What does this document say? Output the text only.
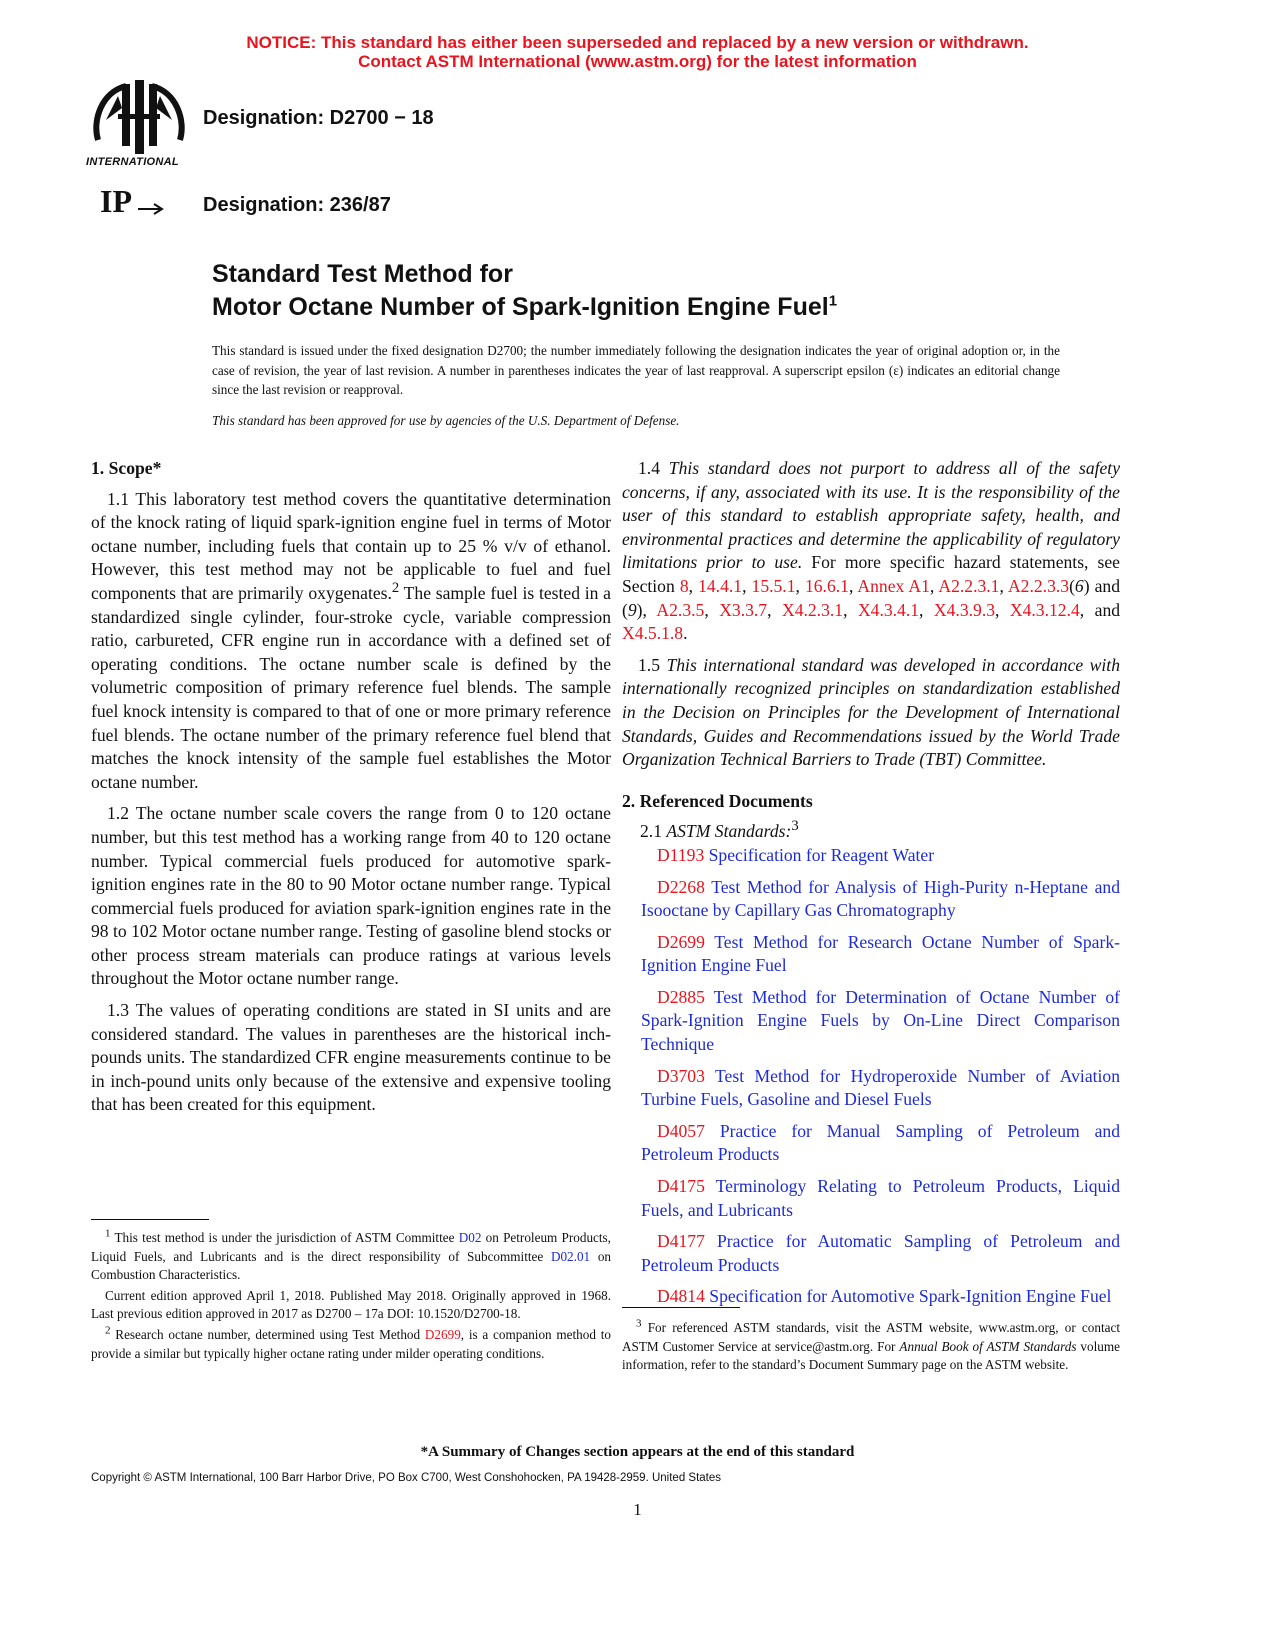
NOTICE: This standard has either been superseded and replaced by a new version or withdrawn.
Contact ASTM International (www.astm.org) for the latest information
INTERNATIONAL
Designation: D2700 − 18
IP	Designation: 236/87
Standard Test Method for
Motor Octane Number of Spark-Ignition Engine Fuel$^1$
This standard is issued under the fixed designation D2700; the number immediately following the designation indicates the year of original adoption or, in the case of revision, the year of last revision. A number in parentheses indicates the year of last reapproval. A superscript epsilon (ε) indicates an editorial change since the last revision or reapproval.
This standard has been approved for use by agencies of the U.S. Department of Defense.
1. Scope*

1.1 This laboratory test method covers the quantitative determination of the knock rating of liquid spark-ignition engine fuel in terms of Motor octane number, including fuels that contain up to 25 % v/v of ethanol. However, this test method may not be applicable to fuel and fuel components that are primarily oxygenates.$^2$ The sample fuel is tested in a standardized single cylinder, four-stroke cycle, variable compression ratio, carbureted, CFR engine run in accordance with a defined set of operating conditions. The octane number scale is defined by the volumetric composition of primary reference fuel blends. The sample fuel knock intensity is compared to that of one or more primary reference fuel blends. The octane number of the primary reference fuel blend that matches the knock intensity of the sample fuel establishes the Motor octane number.

1.2 The octane number scale covers the range from 0 to 120 octane number, but this test method has a working range from 40 to 120 octane number. Typical commercial fuels produced for automotive spark-ignition engines rate in the 80 to 90 Motor octane number range. Typical commercial fuels produced for aviation spark-ignition engines rate in the 98 to 102 Motor octane number range. Testing of gasoline blend stocks or other process stream materials can produce ratings at various levels throughout the Motor octane number range.

1.3 The values of operating conditions are stated in SI units and are considered standard. The values in parentheses are the historical inch-pounds units. The standardized CFR engine measurements continue to be in inch-pound units only because of the extensive and expensive tooling that has been created for this equipment.

$^1$ This test method is under the jurisdiction of ASTM Committee D02 on Petroleum Products, Liquid Fuels, and Lubricants and is the direct responsibility of Subcommittee D02.01 on Combustion Characteristics.

Current edition approved April 1, 2018. Published May 2018. Originally approved in 1968. Last previous edition approved in 2017 as D2700 – 17a DOI: 10.1520/D2700-18.

$^2$ Research octane number, determined using Test Method D2699, is a companion method to provide a similar but typically higher octane rating under milder operating conditions.

1.4 This standard does not purport to address all of the safety concerns, if any, associated with its use. It is the responsibility of the user of this standard to establish appropriate safety, health, and environmental practices and determine the applicability of regulatory limitations prior to use. For more specific hazard statements, see Section 8, 14.4.1, 15.5.1, 16.6.1, Annex A1, A2.2.3.1, A2.2.3.3(6) and (9), A2.3.5, X3.3.7, X4.2.3.1, X4.3.4.1, X4.3.9.3, X4.3.12.4, and X4.5.1.8.

1.5 This international standard was developed in accordance with internationally recognized principles on standardization established in the Decision on Principles for the Development of International Standards, Guides and Recommendations issued by the World Trade Organization Technical Barriers to Trade (TBT) Committee.

2. Referenced Documents

2.1 ASTM Standards:$^3$

D1193 Specification for Reagent Water

D2268 Test Method for Analysis of High-Purity n-Heptane and Isooctane by Capillary Gas Chromatography

D2699 Test Method for Research Octane Number of Spark-Ignition Engine Fuel

D2885 Test Method for Determination of Octane Number of Spark-Ignition Engine Fuels by On-Line Direct Comparison Technique

D3703 Test Method for Hydroperoxide Number of Aviation Turbine Fuels, Gasoline and Diesel Fuels

D4057 Practice for Manual Sampling of Petroleum and Petroleum Products

D4175 Terminology Relating to Petroleum Products, Liquid Fuels, and Lubricants

D4177 Practice for Automatic Sampling of Petroleum and Petroleum Products

D4814 Specification for Automotive Spark-Ignition Engine Fuel

$^3$ For referenced ASTM standards, visit the ASTM website, www.astm.org, or contact ASTM Customer Service at service@astm.org. For Annual Book of ASTM Standards volume information, refer to the standard’s Document Summary page on the ASTM website.

*A Summary of Changes section appears at the end of this standard
Copyright © ASTM International, 100 Barr Harbor Drive, PO Box C700, West Conshohocken, PA 19428-2959. United States
1
